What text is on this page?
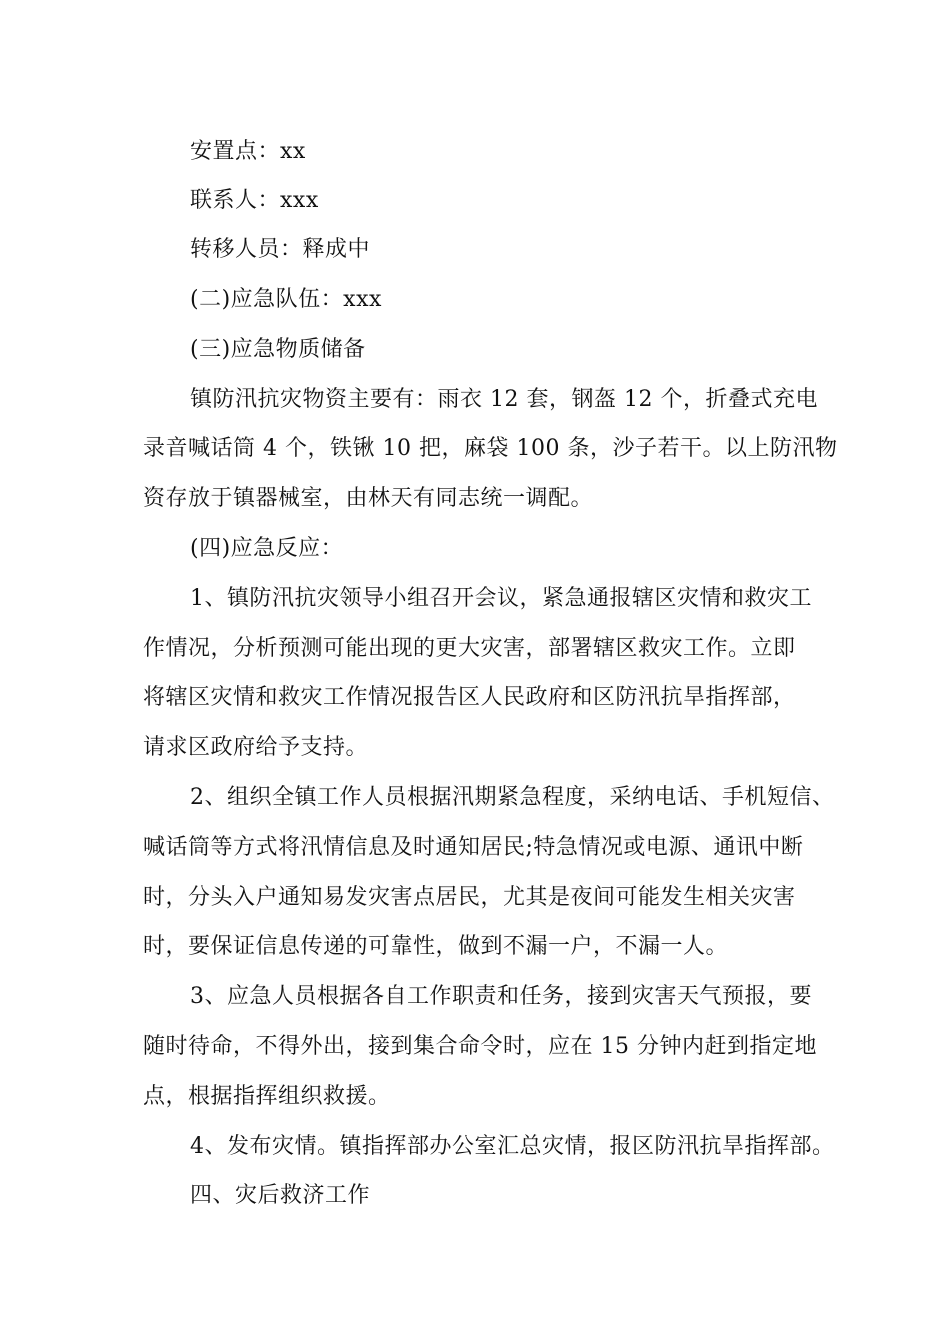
安置点：xx
联系人：xxx
转移人员：释成中
(二)应急队伍：xxx
(三)应急物质储备
镇防汛抗灾物资主要有：雨衣 12 套，钢盔 12 个，折叠式充电
录音喊话筒 4 个，铁锹 10 把，麻袋 100 条，沙子若干。以上防汛物
资存放于镇器械室，由林天有同志统一调配。
(四)应急反应：
1、镇防汛抗灾领导小组召开会议，紧急通报辖区灾情和救灾工
作情况，分析预测可能出现的更大灾害，部署辖区救灾工作。立即
将辖区灾情和救灾工作情况报告区人民政府和区防汛抗旱指挥部，
请求区政府给予支持。
2、组织全镇工作人员根据汛期紧急程度，采纳电话、手机短信、
喊话筒等方式将汛情信息及时通知居民;特急情况或电源、通讯中断
时，分头入户通知易发灾害点居民，尤其是夜间可能发生相关灾害
时，要保证信息传递的可靠性，做到不漏一户，不漏一人。
3、应急人员根据各自工作职责和任务，接到灾害天气预报，要
随时待命，不得外出，接到集合命令时，应在 15 分钟内赶到指定地
点，根据指挥组织救援。
4、发布灾情。镇指挥部办公室汇总灾情，报区防汛抗旱指挥部。
四、灾后救济工作
